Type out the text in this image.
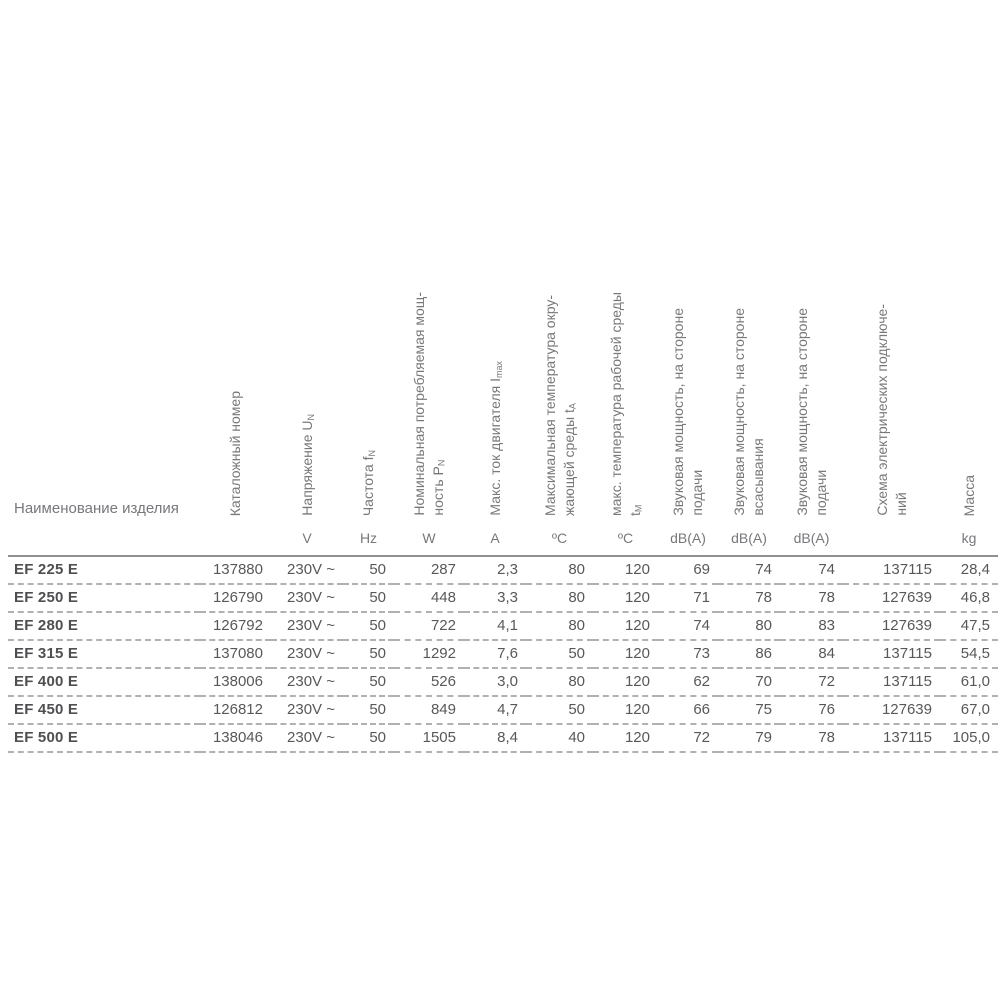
Наименование изделия	Каталожный номер	Напряжение $U_N$	Частота $f_N$	Номинальная потребляемая мощ- ность $P_N$	Макс. ток двигателя $I_{max}$	Максимальная температура окру- жающей среды $t_A$	макс. температура рабочей среды $t_M$	Звуковая мощность, на стороне подачи	Звуковая мощность, на стороне всасывания	Звуковая мощность, на стороне подачи	Схема электрических подключе- ний	Масса
		V	Hz	W	A	ºC	ºC	dB(A)	dB(A)	dB(A)		kg
EF 225 E	137880	230V ~	50	287	2,3	80	120	69	74	74	137115	28,4
EF 250 E	126790	230V ~	50	448	3,3	80	120	71	78	78	127639	46,8
EF 280 E	126792	230V ~	50	722	4,1	80	120	74	80	83	127639	47,5
EF 315 E	137080	230V ~	50	1292	7,6	50	120	73	86	84	137115	54,5
EF 400 E	138006	230V ~	50	526	3,0	80	120	62	70	72	137115	61,0
EF 450 E	126812	230V ~	50	849	4,7	50	120	66	75	76	127639	67,0
EF 500 E	138046	230V ~	50	1505	8,4	40	120	72	79	78	137115	105,0
